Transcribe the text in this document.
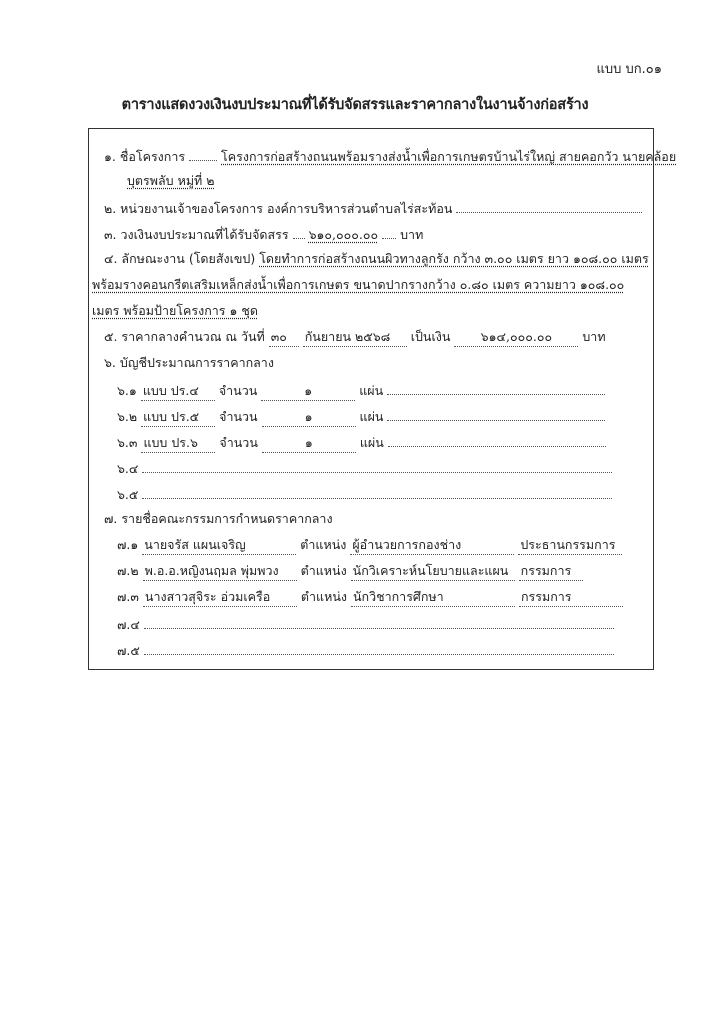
แบบ บก.๐๑
ตารางแสดงวงเงินงบประมาณที่ได้รับจัดสรรและราคากลางในงานจ้างก่อสร้าง
๑. ชื่อโครงการ	โครงการก่อสร้างถนนพร้อมรางส่งน้ำเพื่อการเกษตรบ้านไร่ใหญ่ สายคอกวัว นายคล้อย
บุตรพลับ หมู่ที่ ๒
๒. หน่วยงานเจ้าของโครงการ องค์การบริหารส่วนตำบลไร่สะท้อน
๓. วงเงินงบประมาณที่ได้รับจัดสรร ๖๑๐,๐๐๐.๐๐ บาท
๔. ลักษณะงาน (โดยสังเขป) โดยทำการก่อสร้างถนนผิวทางลูกรัง กว้าง ๓.๐๐ เมตร ยาว ๑๐๘.๐๐ เมตร
พร้อมรางคอนกรีตเสริมเหล็กส่งน้ำเพื่อการเกษตร ขนาดปากรางกว้าง ๐.๘๐ เมตร ความยาว ๑๐๘.๐๐
เมตร พร้อมป้ายโครงการ ๑ ชุด
๕. ราคากลางคำนวณ ณ วันที่ ๓๐ กันยายน ๒๕๖๘ เป็นเงิน ๖๑๔,๐๐๐.๐๐ บาท
๖. บัญชีประมาณการราคากลาง
๖.๑ แบบ ปร.๔ จำนวน	๑	แผ่น
๖.๒ แบบ ปร.๕ จำนวน	๑	แผ่น
๖.๓ แบบ ปร.๖ จำนวน	๑	แผ่น
๖.๔
๖.๕
๗. รายชื่อคณะกรรมการกำหนดราคากลาง
๗.๑ นายจรัส แผนเจริญ	ตำแหน่ง ผู้อำนวยการกองช่าง	ประธานกรรมการ
๗.๒ พ.อ.อ.หญิงนฤมล พุ่มพวง ตำแหน่ง นักวิเคราะห์นโยบายและแผน กรรมการ
๗.๓ นางสาวสุจิระ อ่วมเครือ ตำแหน่ง นักวิชาการศึกษา	กรรมการ
๗.๔
๗.๕
